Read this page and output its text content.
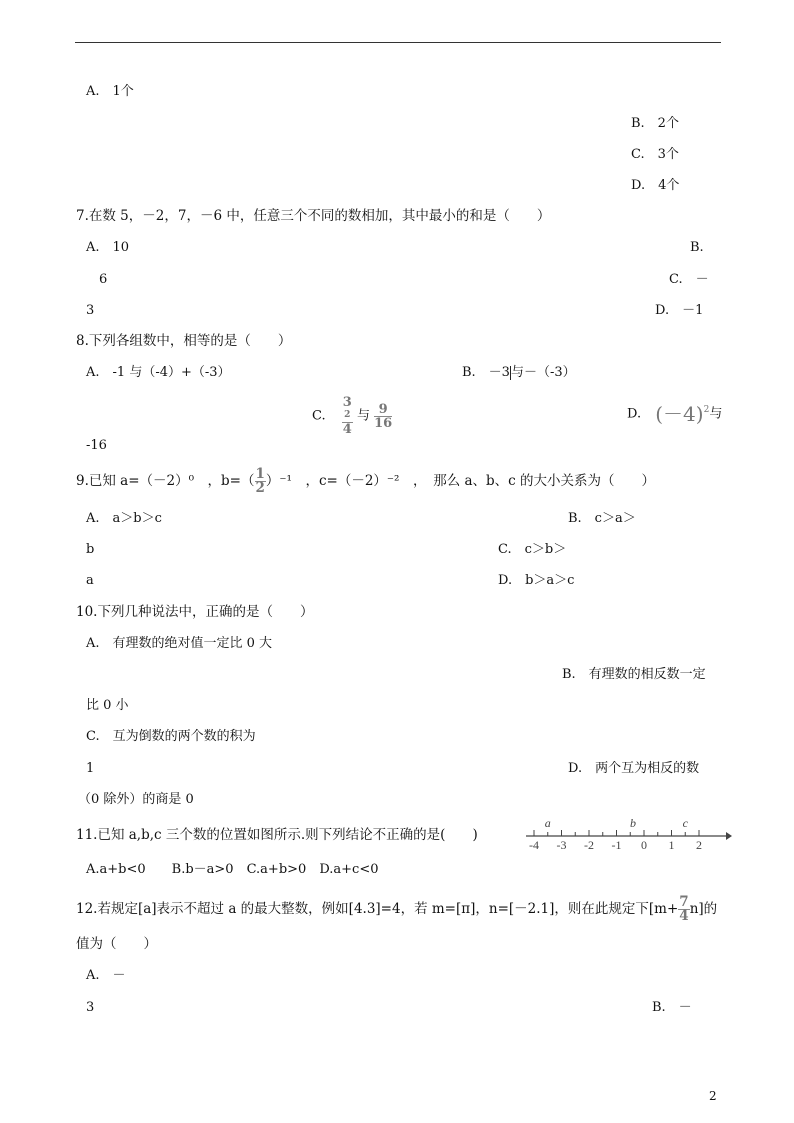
A.　1个
B.　2个
C.　3个
D.　4个
7.在数 5，－2，7，－6 中，任意三个不同的数相加，其中最小的和是（　　）
A.　10	B.
6	C.　－
3	D.　－1
8.下列各组数中，相等的是（　　）
A.　-1 与（-4）+（-3）	B.　－3与－（-3）
C. 3
2
4 与 $\frac{9}{16}$	D. $(-4)^2$与
-16
9.已知 a=（－2）⁰　，$b=( \frac{1}{2} )^{-1}$　，c=（－2）⁻²　，　那么 a、b、c 的大小关系为（　　）
A.　a＞b＞c	B.　c＞a＞
b	C.　c＞b＞
a	D.　b＞a＞c
10.下列几种说法中，正确的是（　　）
A.　有理数的绝对值一定比 0 大
B.　有理数的相反数一定
比 0 小
C.　互为倒数的两个数的积为
1	D.　两个互为相反的数
（0 除外）的商是 0
11.已知 a,b,c 三个数的位置如图所示.则下列结论不正确的是(　　)
-4 -3 -2 -1 0 1 2
a	b	c
A.a+b<0　　B.b－a>0　C.a+b>0　D.a+c<0
12.若规定[a]表示不超过 a 的最大整数，例如[4.3]=4，若 m=[π]，n=[－2.1]，则在此规定下$[m+ \frac{7}{4} n]$的
值为（　　）
A.　－
3	B.　－
2
